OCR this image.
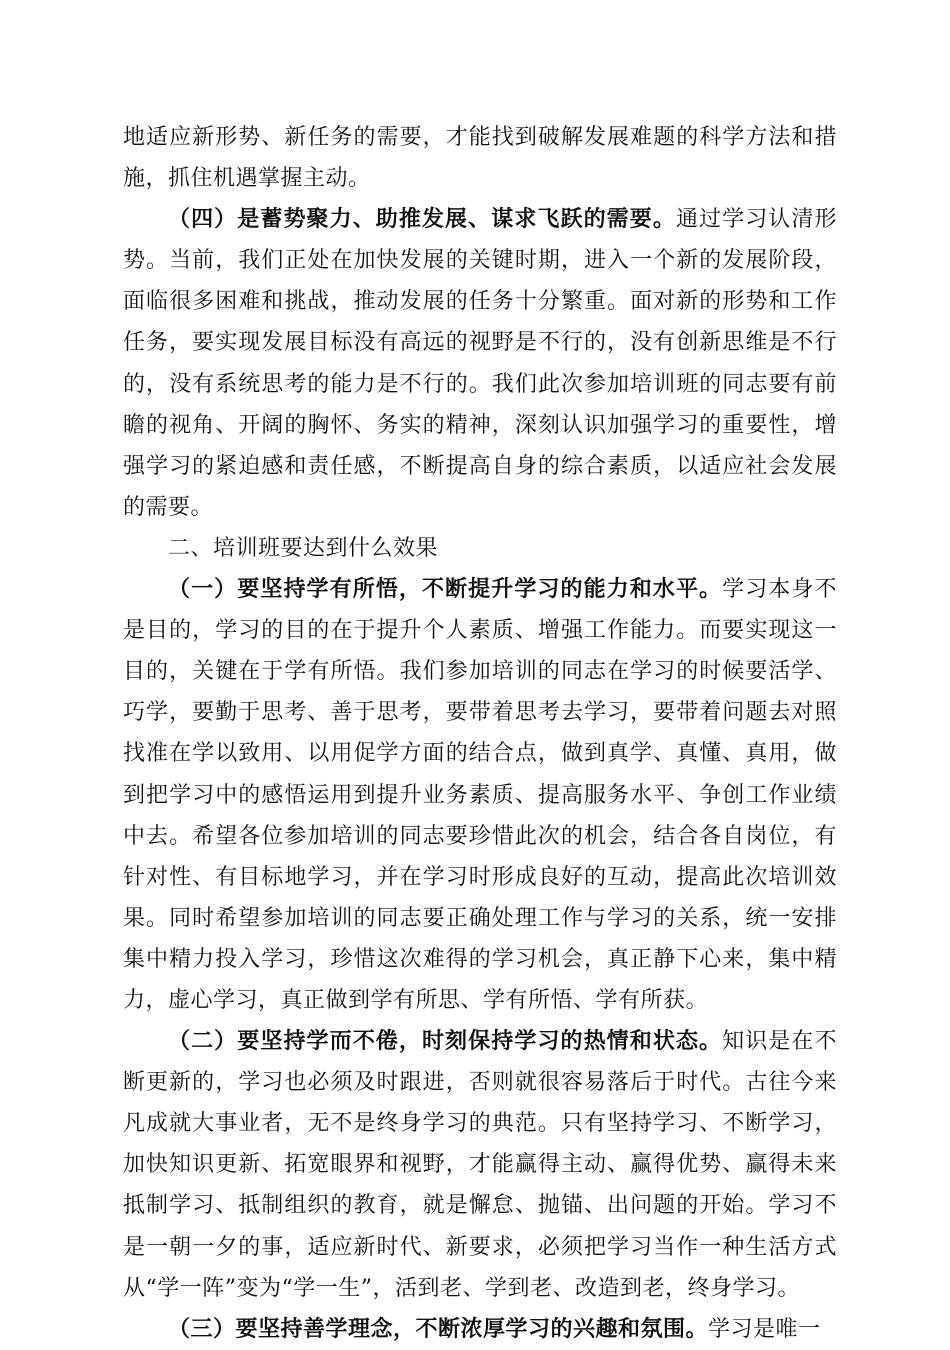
地适应新形势、新任务的需要，才能找到破解发展难题的科学方法和措施，抓住机遇掌握主动。

（四）是蓄势聚力、助推发展、谋求飞跃的需要。通过学习认清形势。当前，我们正处在加快发展的关键时期，进入一个新的发展阶段，面临很多困难和挑战，推动发展的任务十分繁重。面对新的形势和工作任务，要实现发展目标没有高远的视野是不行的，没有创新思维是不行的，没有系统思考的能力是不行的。我们此次参加培训班的同志要有前瞻的视角、开阔的胸怀、务实的精神，深刻认识加强学习的重要性，增强学习的紧迫感和责任感，不断提高自身的综合素质，以适应社会发展的需要。

二、培训班要达到什么效果

（一）要坚持学有所悟，不断提升学习的能力和水平。学习本身不是目的，学习的目的在于提升个人素质、增强工作能力。而要实现这一目的，关键在于学有所悟。我们参加培训的同志在学习的时候要活学、巧学，要勤于思考、善于思考，要带着思考去学习，要带着问题去对照找准在学以致用、以用促学方面的结合点，做到真学、真懂、真用，做到把学习中的感悟运用到提升业务素质、提高服务水平、争创工作业绩中去。希望各位参加培训的同志要珍惜此次的机会，结合各自岗位，有针对性、有目标地学习，并在学习时形成良好的互动，提高此次培训效果。同时希望参加培训的同志要正确处理工作与学习的关系，统一安排集中精力投入学习，珍惜这次难得的学习机会，真正静下心来，集中精力，虚心学习，真正做到学有所思、学有所悟、学有所获。

（二）要坚持学而不倦，时刻保持学习的热情和状态。知识是在不断更新的，学习也必须及时跟进，否则就很容易落后于时代。古往今来凡成就大事业者，无不是终身学习的典范。只有坚持学习、不断学习，加快知识更新、拓宽眼界和视野，才能赢得主动、赢得优势、赢得未来抵制学习、抵制组织的教育，就是懈怠、抛锚、出问题的开始。学习不是一朝一夕的事，适应新时代、新要求，必须把学习当作一种生活方式从“学一阵”变为“学一生”，活到老、学到老、改造到老，终身学习。

（三）要坚持善学理念，不断浓厚学习的兴趣和氛围。学习是唯一
